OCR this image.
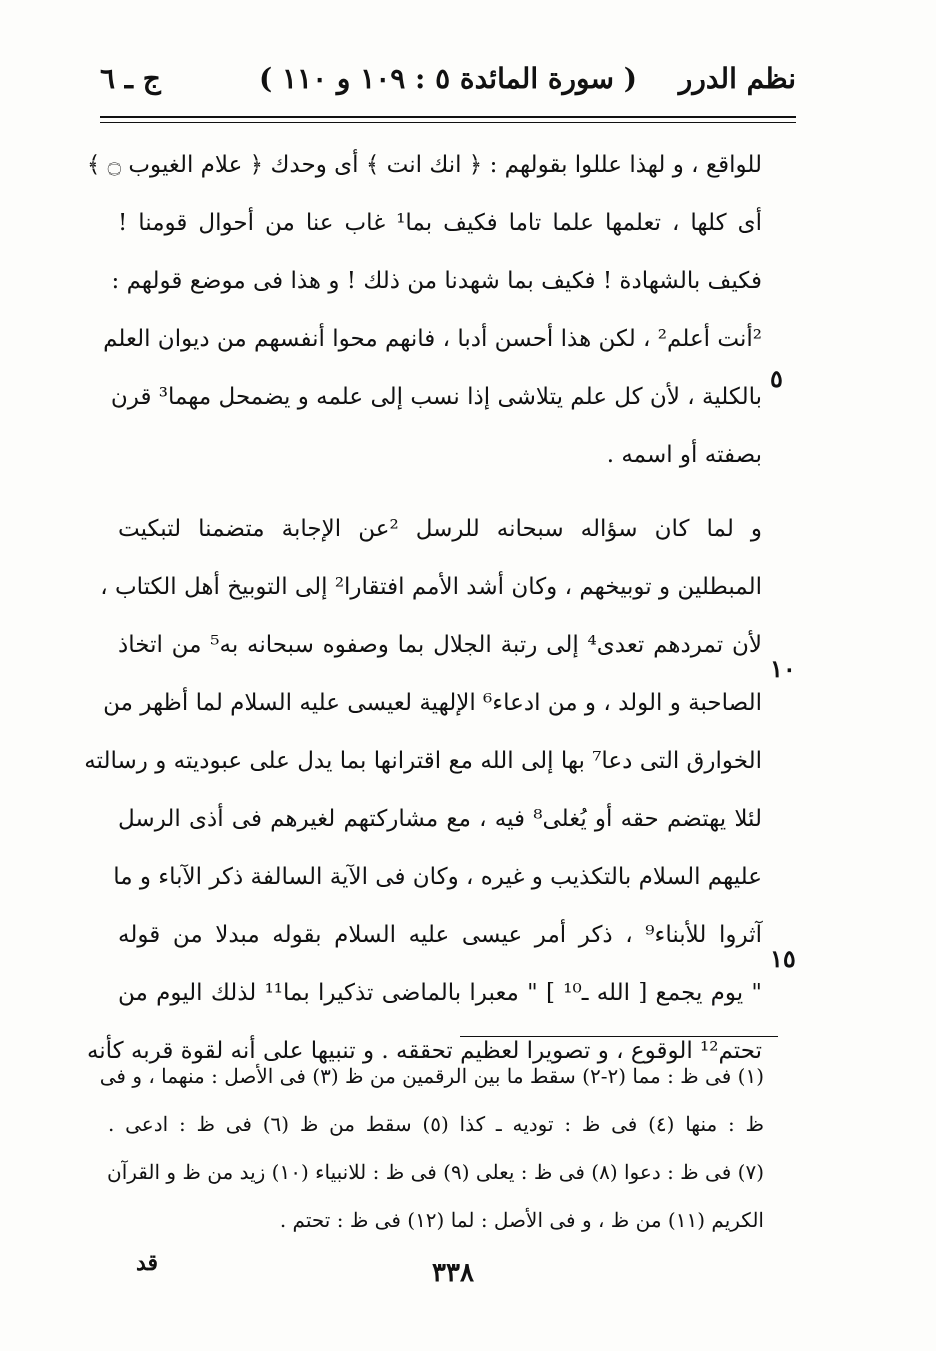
نظم الدرر
( سورة المائدة ٥ : ١٠٩ و ١١٠ )
ج ـ ٦
للواقع ، و لهذا عللوا بقولهم : ﴿ انك انت ﴾ أى وحدك ﴿ علام الغيوب ۝ ﴾
أى كلها ، تعلمها علما تاما فكيف بما¹ غاب عنا من أحوال قومنا !
فكيف بالشهادة ! فكيف بما شهدنا من ذلك ! و هذا فى موضع قولهم :
²أنت أعلم² ، لكن هذا أحسن أدبا ، فانهم محوا أنفسهم من ديوان العلم
بالكلية ، لأن كل علم يتلاشى إذا نسب إلى علمه و يضمحل مهما³ قرن
بصفته أو اسمه .
و لما كان سؤاله سبحانه للرسل ²عن الإجابة متضمنا لتبكيت
المبطلين و توبيخهم ، وكان أشد الأمم افتقارا² إلى التوبيخ أهل الكتاب ،
لأن تمردهم تعدى⁴ إلى رتبة الجلال بما وصفوه سبحانه به⁵ من اتخاذ
الصاحبة و الولد ، و من ادعاء⁶ الإلهية لعيسى عليه السلام لما أظهر من
الخوارق التى دعا⁷ بها إلى الله مع اقترانها بما يدل على عبوديته و رسالته
لئلا يهتضم حقه أو يُغلى⁸ فيه ، مع مشاركتهم لغيرهم فى أذى الرسل
عليهم السلام بالتكذيب و غيره ، وكان فى الآية السالفة ذكر الآباء و ما
آثروا للأبناء⁹ ، ذكر أمر عيسى عليه السلام بقوله مبدلا من قوله
" يوم يجمع [ الله ـ¹⁰ ] " معبرا بالماضى تذكيرا بما¹¹ لذلك اليوم من
تحتم¹² الوقوع ، و تصويرا لعظيم تحققه . و تنبيها على أنه لقوة قربه كأنه
٥
١٠
١٥
(١) فى ظ : مما (٢-٢) سقط ما بين الرقمين من ظ (٣) فى الأصل : منهما ، و فى
ظ : منها (٤) فى ظ : توديه ـ كذا (٥) سقط من ظ (٦) فى ظ : ادعى .
(٧) فى ظ : دعوا (٨) فى ظ : يعلى (٩) فى ظ : للانبياء (١٠) زيد من ظ و القرآن
الكريم (١١) من ظ ، و فى الأصل : لما (١٢) فى ظ : تحتم .
قد	٣٣٨
